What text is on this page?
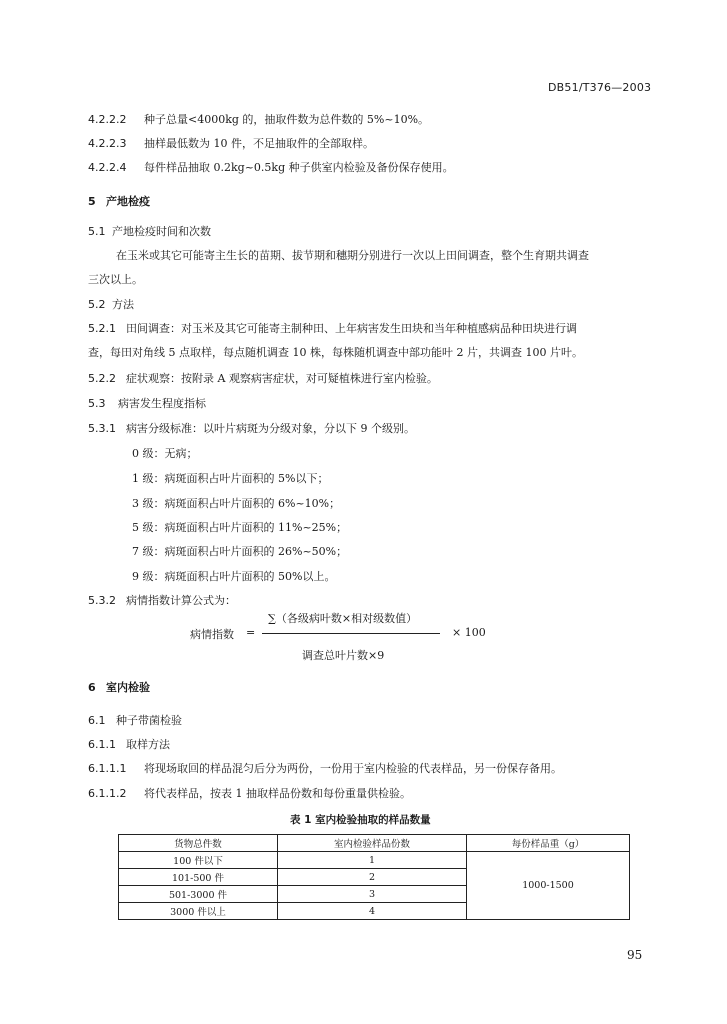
DB51/T376—2003
4.2.2.2 种子总量<4000kg 的，抽取件数为总件数的 5%~10%。
4.2.2.3 抽样最低数为 10 件，不足抽取件的全部取样。
4.2.2.4 每件样品抽取 0.2kg~0.5kg 种子供室内检验及备份保存使用。
5 产地检疫
5.1 产地检疫时间和次数
在玉米或其它可能寄主生长的苗期、拔节期和穗期分别进行一次以上田间调查，整个生育期共调查
三次以上。
5.2 方法
5.2.1 田间调查：对玉米及其它可能寄主制种田、上年病害发生田块和当年种植感病品种田块进行调
查，每田对角线 5 点取样，每点随机调查 10 株，每株随机调查中部功能叶 2 片，共调查 100 片叶。
5.2.2 症状观察：按附录 A 观察病害症状，对可疑植株进行室内检验。
5.3 病害发生程度指标
5.3.1 病害分级标准：以叶片病斑为分级对象，分以下 9 个级别。
0 级：无病；
1 级：病斑面积占叶片面积的 5%以下；
3 级：病斑面积占叶片面积的 6%~10%；
5 级：病斑面积占叶片面积的 11%~25%；
7 级：病斑面积占叶片面积的 26%~50%；
9 级：病斑面积占叶片面积的 50%以上。
5.3.2 病情指数计算公式为：
∑（各级病叶数×相对级数值）
病情指数 =	× 100
调查总叶片数×9
6 室内检验
6.1 种子带菌检验
6.1.1 取样方法
6.1.1.1 将现场取回的样品混匀后分为两份，一份用于室内检验的代表样品，另一份保存备用。
6.1.1.2 将代表样品，按表 1 抽取样品份数和每份重量供检验。
表 1 室内检验抽取的样品数量
货物总件数	室内检验样品份数	每份样品重（g）
100 件以下	1	1000-1500
101-500 件	2	
501-3000 件	3	
3000 件以上	4	
95
